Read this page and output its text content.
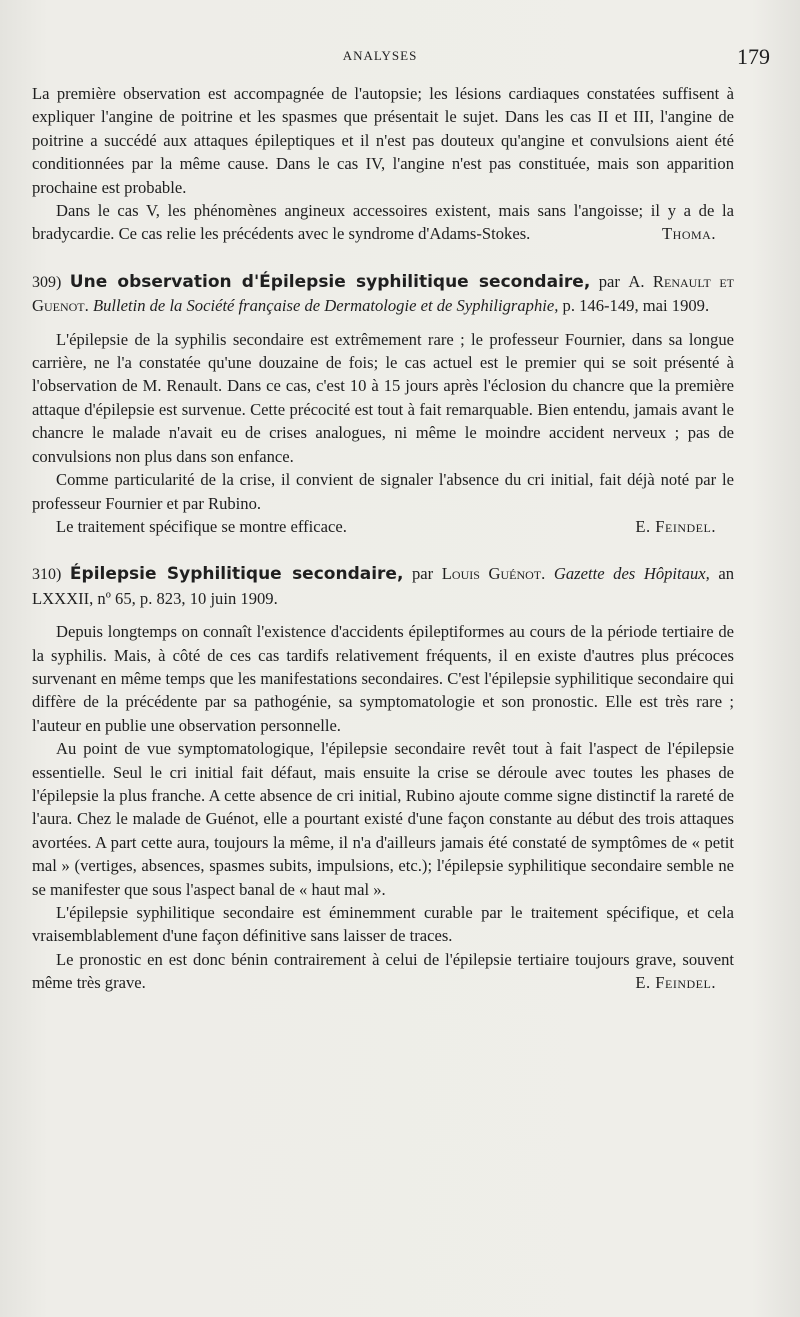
ANALYSES	179

La première observation est accompagnée de l'autopsie; les lésions cardiaques constatées suffisent à expliquer l'angine de poitrine et les spasmes que présentait le sujet. Dans les cas II et III, l'angine de poitrine a succédé aux attaques épileptiques et il n'est pas douteux qu'angine et convulsions aient été conditionnées par la même cause. Dans le cas IV, l'angine n'est pas constituée, mais son apparition prochaine est probable.

Dans le cas V, les phénomènes angineux accessoires existent, mais sans l'angoisse; il y a de la bradycardie. Ce cas relie les précédents avec le syndrome d'Adams-Stokes.	Thoma.

309) Une observation d'Épilepsie syphilitique secondaire, par A. Renault et Guenot. Bulletin de la Société française de Dermatologie et de Syphiligraphie, p. 146-149, mai 1909.

L'épilepsie de la syphilis secondaire est extrêmement rare ; le professeur Fournier, dans sa longue carrière, ne l'a constatée qu'une douzaine de fois; le cas actuel est le premier qui se soit présenté à l'observation de M. Renault. Dans ce cas, c'est 10 à 15 jours après l'éclosion du chancre que la première attaque d'épilepsie est survenue. Cette précocité est tout à fait remarquable. Bien entendu, jamais avant le chancre le malade n'avait eu de crises analogues, ni même le moindre accident nerveux ; pas de convulsions non plus dans son enfance.

Comme particularité de la crise, il convient de signaler l'absence du cri initial, fait déjà noté par le professeur Fournier et par Rubino.

Le traitement spécifique se montre efficace.	E. Feindel.

310) Épilepsie Syphilitique secondaire, par Louis Guénot. Gazette des Hôpitaux, an LXXXII, nº 65, p. 823, 10 juin 1909.

Depuis longtemps on connaît l'existence d'accidents épileptiformes au cours de la période tertiaire de la syphilis. Mais, à côté de ces cas tardifs relativement fréquents, il en existe d'autres plus précoces survenant en même temps que les manifestations secondaires. C'est l'épilepsie syphilitique secondaire qui diffère de la précédente par sa pathogénie, sa symptomatologie et son pronostic. Elle est très rare ; l'auteur en publie une observation personnelle.

Au point de vue symptomatologique, l'épilepsie secondaire revêt tout à fait l'aspect de l'épilepsie essentielle. Seul le cri initial fait défaut, mais ensuite la crise se déroule avec toutes les phases de l'épilepsie la plus franche. A cette absence de cri initial, Rubino ajoute comme signe distinctif la rareté de l'aura. Chez le malade de Guénot, elle a pourtant existé d'une façon constante au début des trois attaques avortées. A part cette aura, toujours la même, il n'a d'ailleurs jamais été constaté de symptômes de « petit mal » (vertiges, absences, spasmes subits, impulsions, etc.); l'épilepsie syphilitique secondaire semble ne se manifester que sous l'aspect banal de « haut mal ».

L'épilepsie syphilitique secondaire est éminemment curable par le traitement spécifique, et cela vraisemblablement d'une façon définitive sans laisser de traces.

Le pronostic en est donc bénin contrairement à celui de l'épilepsie tertiaire toujours grave, souvent même très grave.	E. Feindel.
